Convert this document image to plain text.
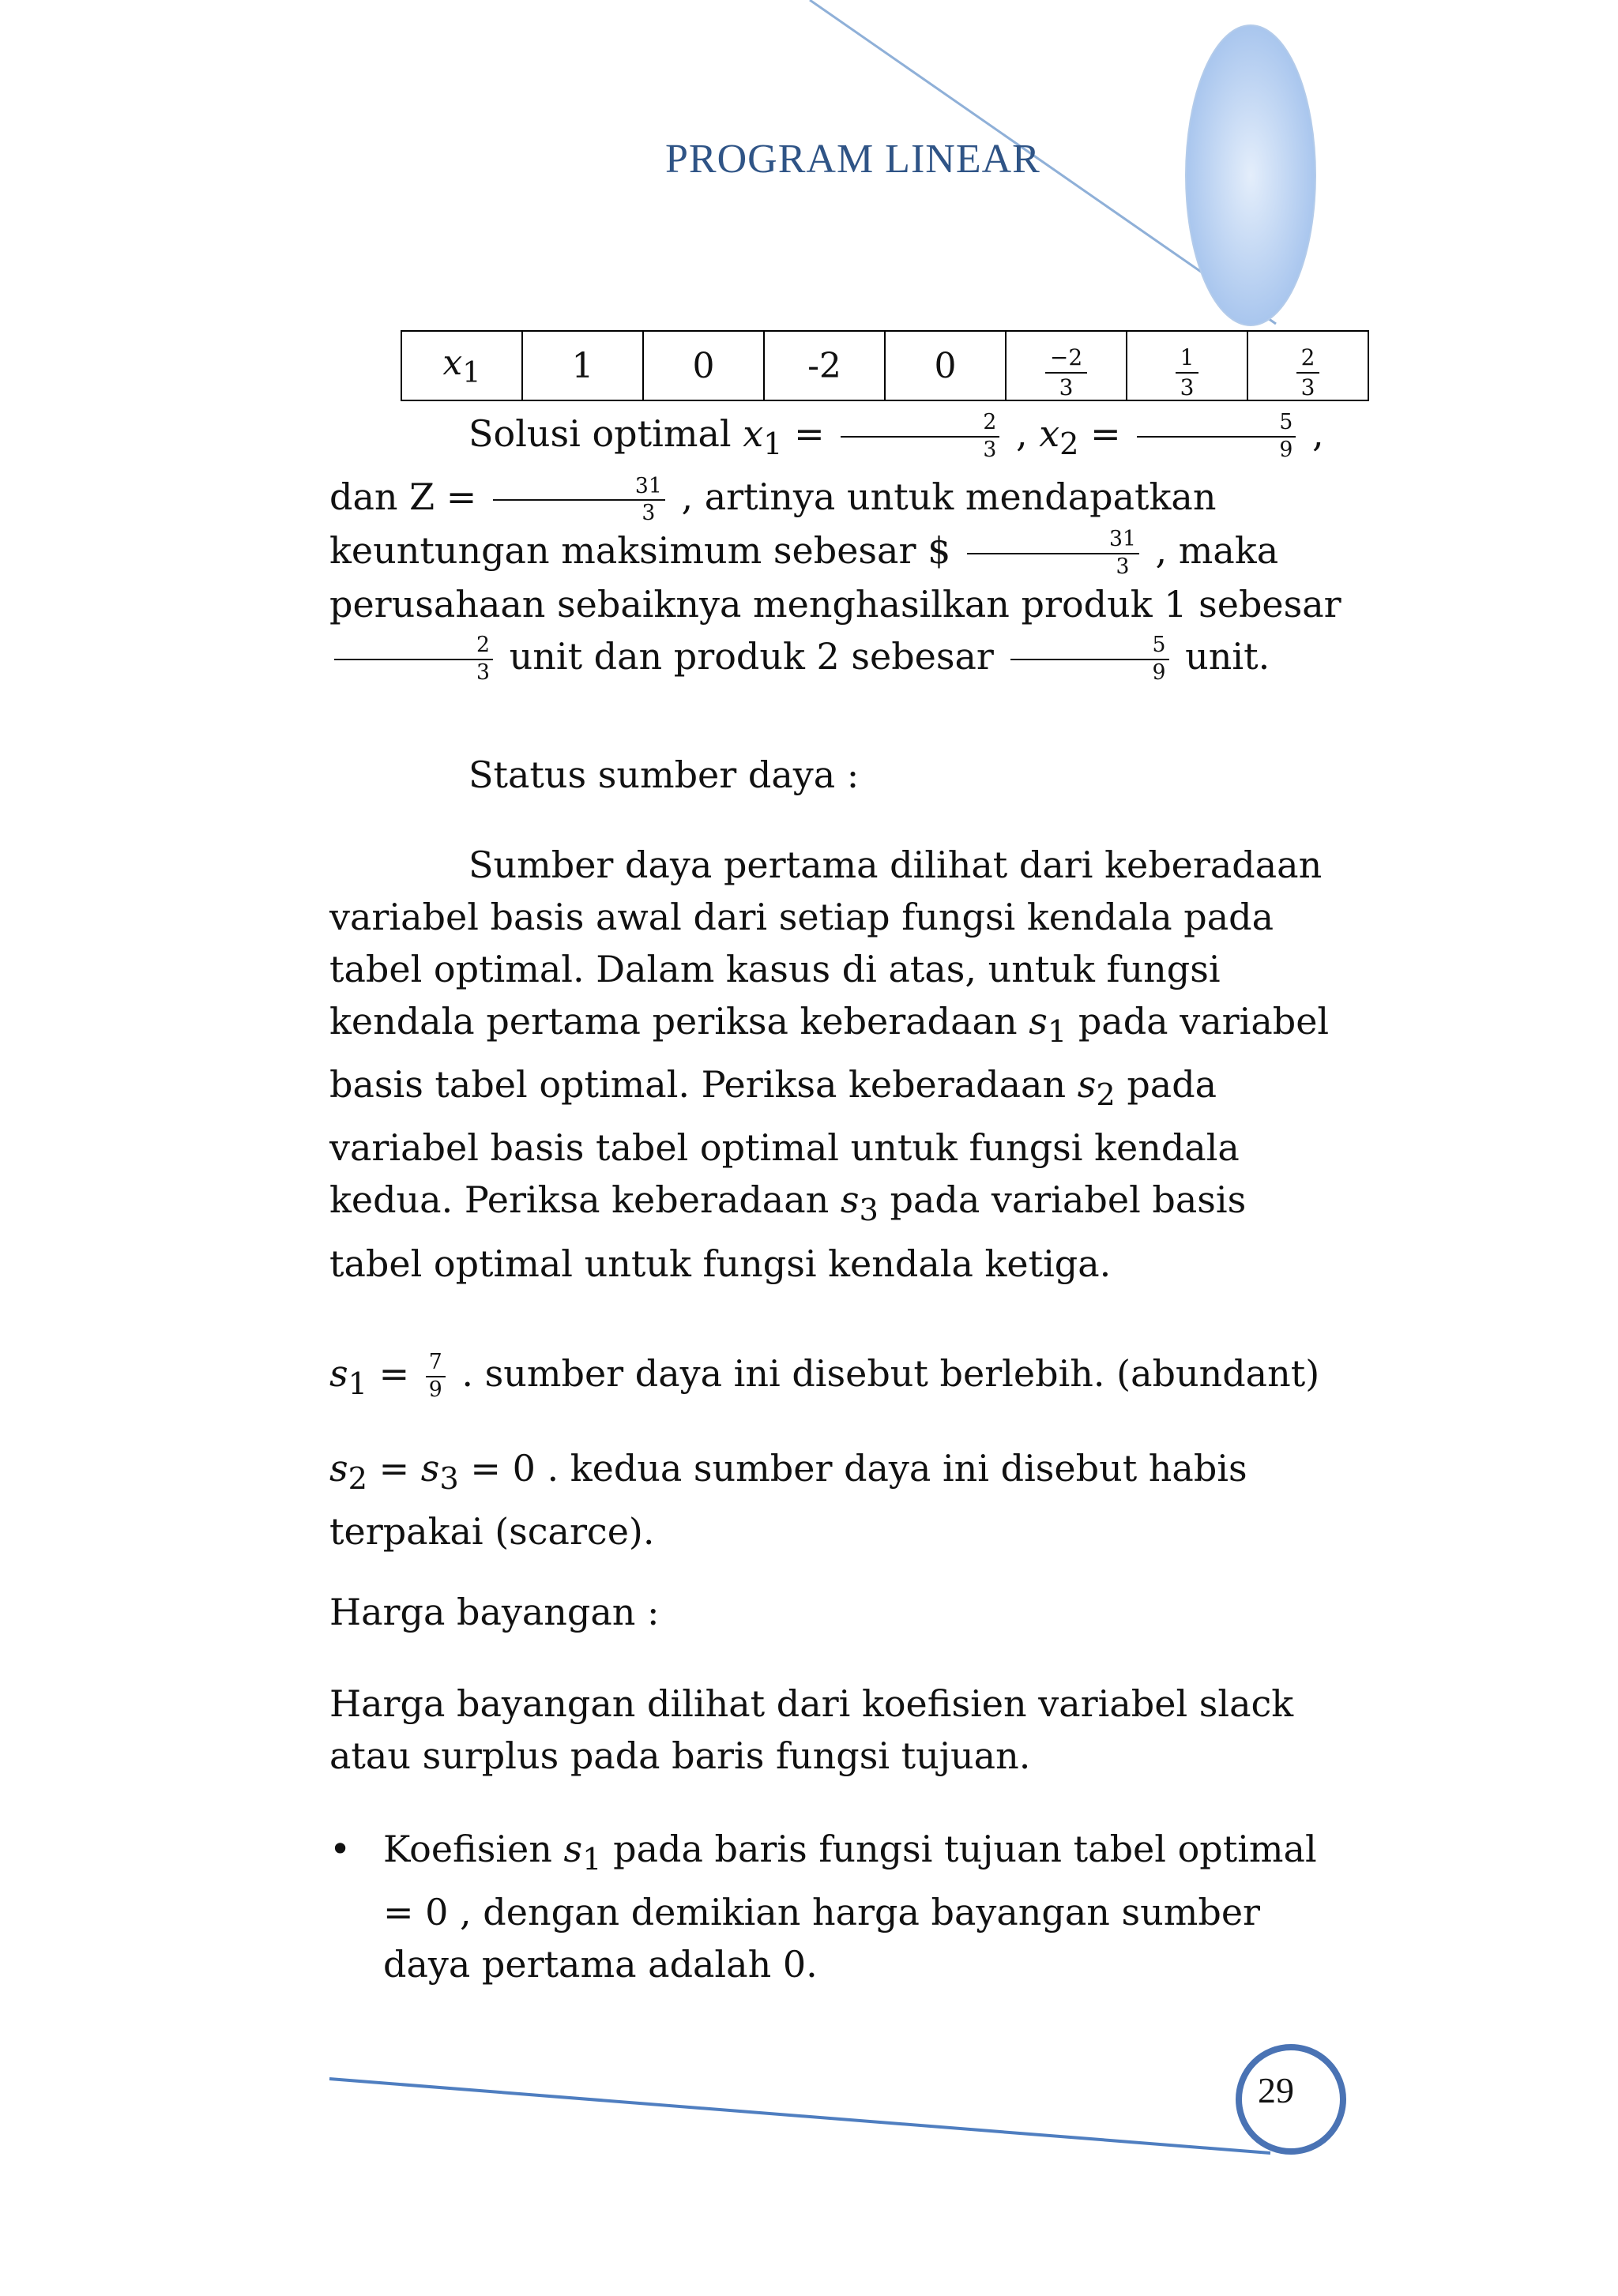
PROGRAM LINEAR
$x_1$	1	0	-2	0	$\frac{-2}{3}$	$\frac{1}{3}$	$\frac{2}{3}$

Solusi optimal $x_1 = \frac{2}{3}$ , $x_2 = \frac{5}{9}$ , dan $Z = \frac{31}{3}$ , artinya untuk mendapatkan keuntungan maksimum sebesar $ $\frac{31}{3}$ , maka perusahaan sebaiknya menghasilkan produk 1 sebesar
$\frac{2}{3}$ unit dan produk 2 sebesar $\frac{5}{9}$ unit.

Status sumber daya :

Sumber daya pertama dilihat dari keberadaan variabel basis awal dari setiap fungsi kendala pada tabel optimal. Dalam kasus di atas, untuk fungsi kendala pertama periksa keberadaan $s_1$ pada variabel basis tabel optimal. Periksa keberadaan $s_2$ pada variabel basis tabel optimal untuk fungsi kendala kedua. Periksa keberadaan $s_3$ pada variabel basis tabel optimal untuk fungsi kendala ketiga.

$s_1 = \frac{7}{9}$ . sumber daya ini disebut berlebih. (abundant)

$s_2 = s_3 = 0$ . kedua sumber daya ini disebut habis terpakai (scarce).

Harga bayangan :

Harga bayangan dilihat dari koefisien variabel slack atau surplus pada baris fungsi tujuan.

• Koefisien $s_1$ pada baris fungsi tujuan tabel optimal = 0 , dengan demikian harga bayangan sumber daya pertama adalah 0.
29
